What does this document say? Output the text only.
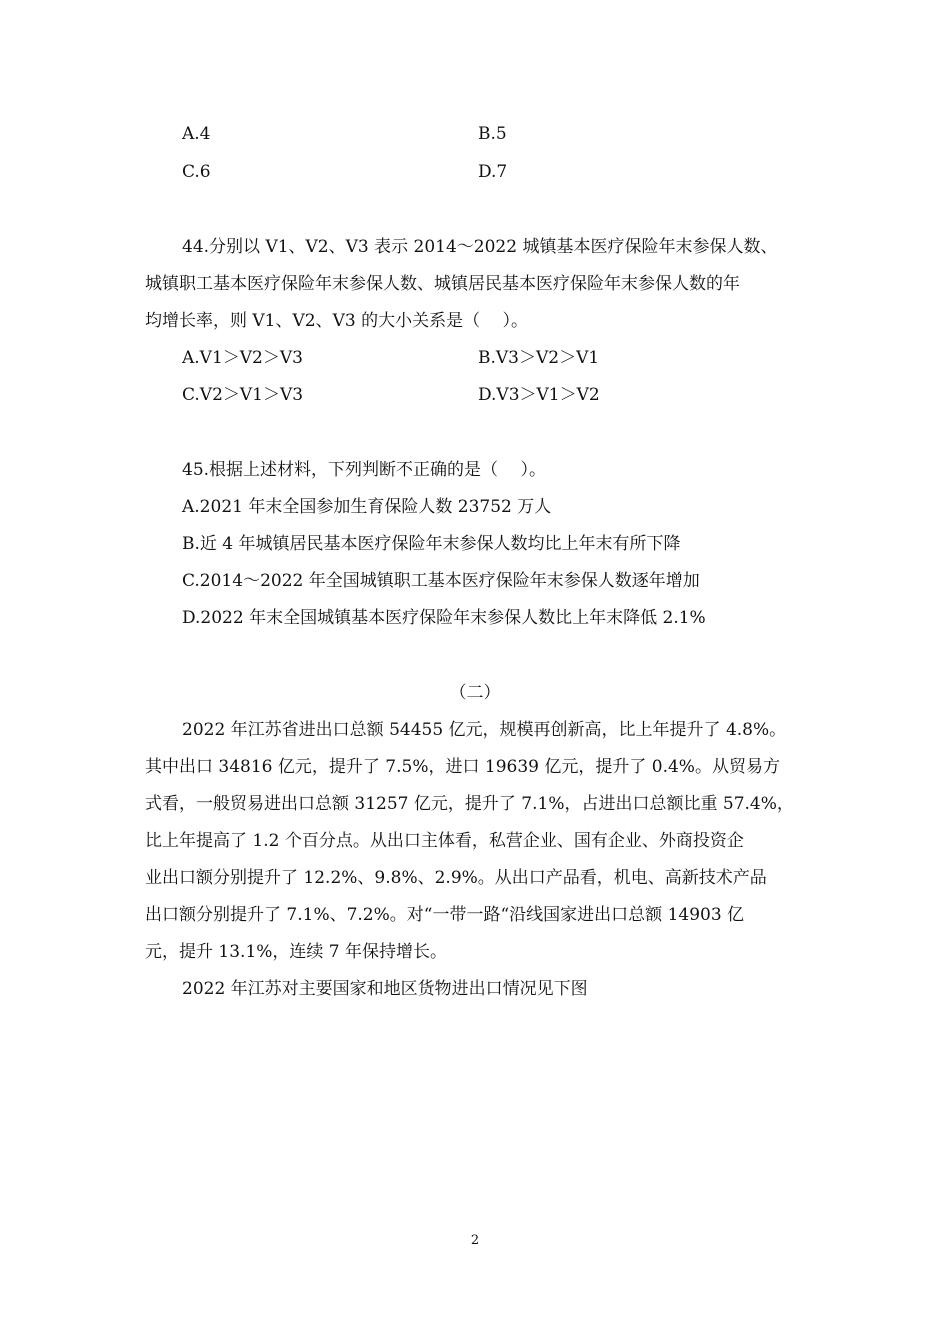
A.4	B.5
C.6	D.7
44.分别以 V1、V2、V3 表示 2014～2022 城镇基本医疗保险年末参保人数、
城镇职工基本医疗保险年末参保人数、城镇居民基本医疗保险年末参保人数的年
均增长率，则 V1、V2、V3 的大小关系是（　 ）。
A.V1＞V2＞V3	B.V3＞V2＞V1
C.V2＞V1＞V3	D.V3＞V1＞V2
45.根据上述材料，下列判断不正确的是（　 ）。
A.2021 年末全国参加生育保险人数 23752 万人
B.近 4 年城镇居民基本医疗保险年末参保人数均比上年末有所下降
C.2014～2022 年全国城镇职工基本医疗保险年末参保人数逐年增加
D.2022 年末全国城镇基本医疗保险年末参保人数比上年末降低 2.1%
（二）
2022 年江苏省进出口总额 54455 亿元，规模再创新高，比上年提升了 4.8%。
其中出口 34816 亿元，提升了 7.5%，进口 19639 亿元，提升了 0.4%。从贸易方
式看，一般贸易进出口总额 31257 亿元，提升了 7.1%，占进出口总额比重 57.4%，
比上年提高了 1.2 个百分点。从出口主体看，私营企业、国有企业、外商投资企
业出口额分别提升了 12.2%、9.8%、2.9%。从出口产品看，机电、高新技术产品
出口额分别提升了 7.1%、7.2%。对“一带一路“沿线国家进出口总额 14903 亿
元，提升 13.1%，连续 7 年保持增长。
2022 年江苏对主要国家和地区货物进出口情况见下图
2
